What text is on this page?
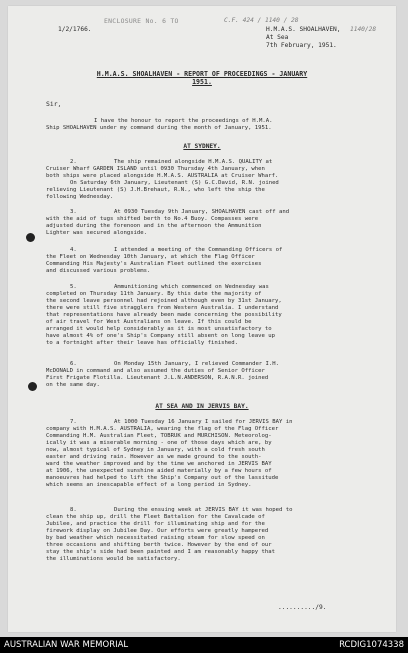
ENCLOSURE No. 6 TO	C.F. 424 / 1140 / 28
1140/28
1/2/1766.	H.M.A.S. SHOALHAVEN,
At Sea
7th February, 1951.
H.M.A.S. SHOALHAVEN - REPORT OF PROCEEDINGS - JANUARY
1951.
Sir,
I have the honour to report the proceedings of H.M.A.
Ship SHOALHAVEN under my command during the month of January, 1951.
AT SYDNEY.
2.	The ship remained alongside H.M.A.S. QUALITY at
Cruiser Wharf GARDEN ISLAND until 0930 Thursday 4th January, when
both ships were placed alongside H.M.A.S. AUSTRALIA at Cruiser Wharf.
On Saturday 6th January, Lieutenant (S) G.C.David, R.N. joined
relieving Lieutenant (S) J.H.Brehaut, R.N., who left the ship the
following Wednesday.
3.	At 0930 Tuesday 9th January, SHOALHAVEN cast off and
with the aid of tugs shifted berth to No.4 Buoy. Compasses were
adjusted during the forenoon and in the afternoon the Ammunition
Lighter was secured alongside.
4.	I attended a meeting of the Commanding Officers of
the Fleet on Wednesday 10th January, at which the Flag Officer
Commanding His Majesty's Australian Fleet outlined the exercises
and discussed various problems.
5.	Ammunitioning which commenced on Wednesday was
completed on Thursday 11th January. By this date the majority of
the second leave personnel had rejoined although even by 31st January,
there were still five stragglers from Western Australia. I understand
that representations have already been made concerning the possibility
of air travel for West Australians on leave. If this could be
arranged it would help considerably as it is most unsatisfactory to
have almost 4% of one's Ship's Company still absent on long leave up
to a fortnight after their leave has officially finished.
6.	On Monday 15th January, I relieved Commander I.H.
McDONALD in command and also assumed the duties of Senior Officer
First Frigate Flotilla. Lieutenant J.L.N.ANDERSON, R.A.N.R. joined
on the same day.
AT SEA AND IN JERVIS BAY.
7.	At 1000 Tuesday 16 January I sailed for JERVIS BAY in
company with H.M.A.S. AUSTRALIA, wearing the flag of the Flag Officer
Commanding H.M. Australian Fleet, TOBRUK and MURCHISON. Meteorolog-
ically it was a miserable morning - one of those days which are, by
now, almost typical of Sydney in January, with a cold fresh south
easter and driving rain. However as we made ground to the south-
ward the weather improved and by the time we anchored in JERVIS BAY
at 1906, the unexpected sunshine aided materially by a few hours of
manoeuvres had helped to lift the Ship's Company out of the lassitude
which seems an inescapable effect of a long period in Sydney.
8.	During the ensuing week at JERVIS BAY it was hoped to
clean the ship up, drill the Fleet Battalion for the Cavalcade of
Jubilee, and practice the drill for illuminating ship and for the
firework display on Jubilee Day. Our efforts were greatly hampered
by bad weather which necessitated raising steam for slow speed on
three occasions and shifting berth twice. However by the end of our
stay the ship's side had been painted and I am reasonably happy that
the illuminations would be satisfactory.
........../9.
AUSTRALIAN WAR MEMORIAL	RCDIG1074338
